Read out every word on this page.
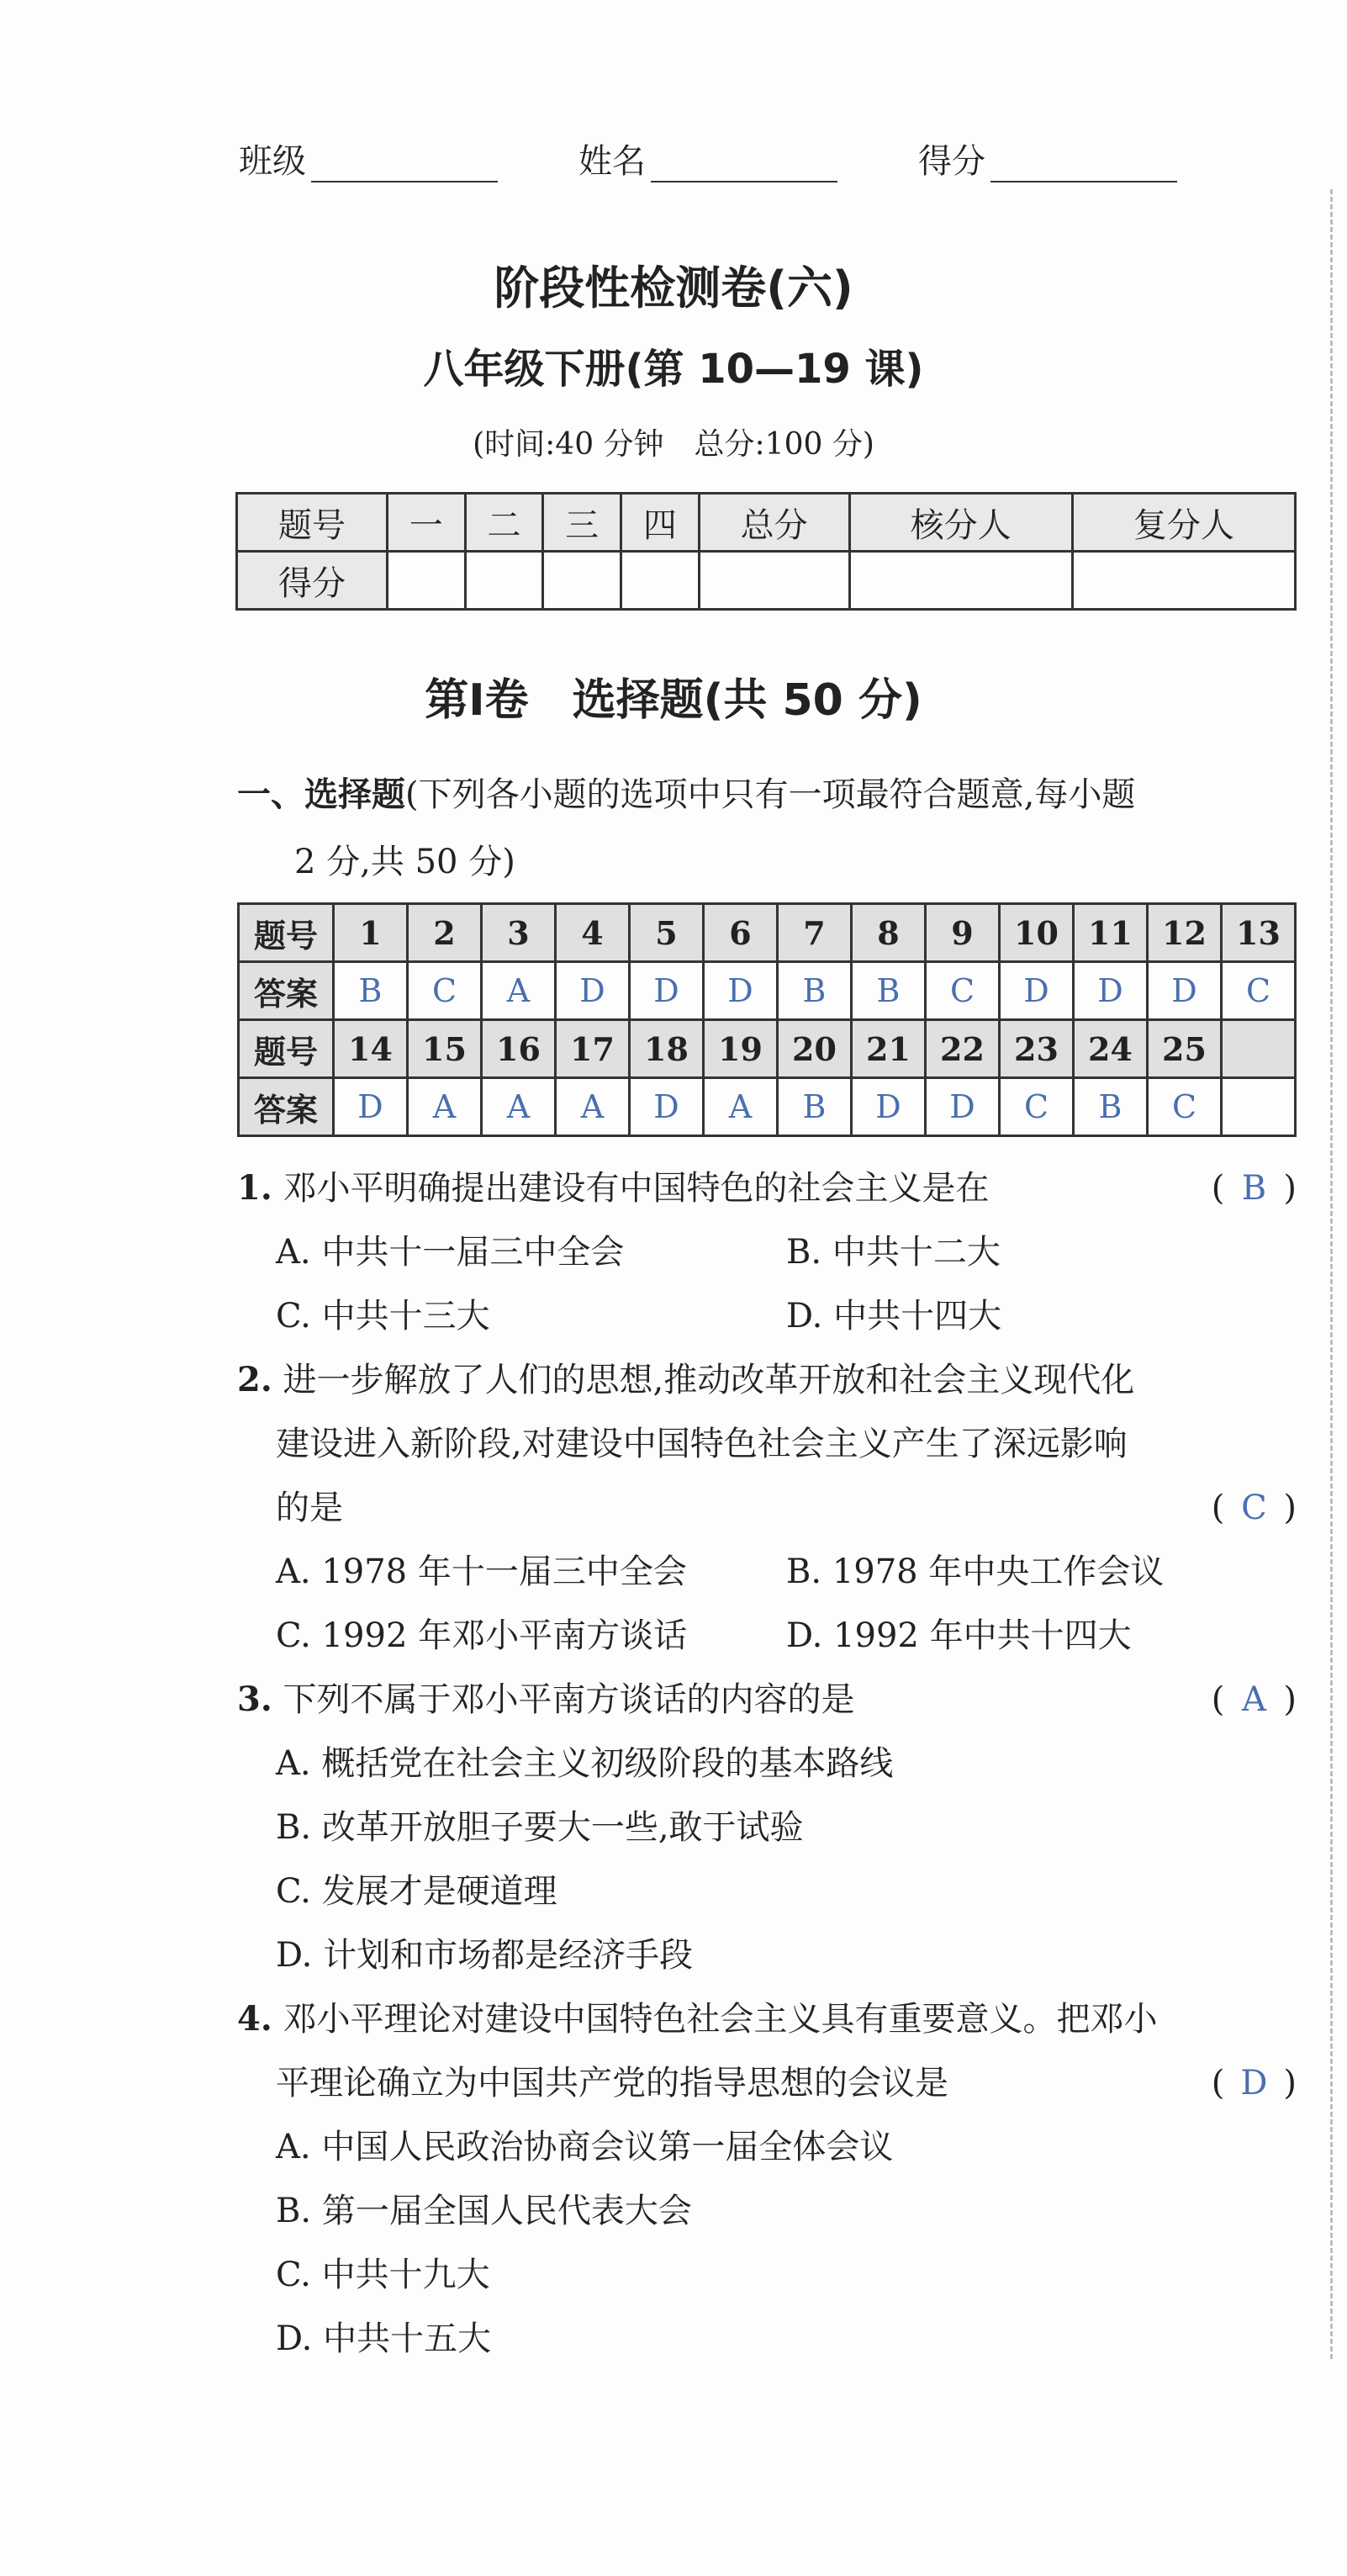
班级	姓名	得分
阶段性检测卷(六)
八年级下册(第 10—19 课)
(时间:40 分钟　总分:100 分)
题号	一	二	三	四	总分	核分人	复分人
得分							
第Ⅰ卷　选择题(共 50 分)
一、选择题(下列各小题的选项中只有一项最符合题意,每小题
2 分,共 50 分)
题号	1	2	3	4	5	6	7	8	9	10	11	12	13
答案	B	C	A	D	D	D	B	B	C	D	D	D	C
题号	14	15	16	17	18	19	20	21	22	23	24	25	
答案	D	A	A	A	D	A	B	D	D	C	B	C	
1. 邓小平明确提出建设有中国特色的社会主义是在	( B )
A. 中共十一届三中全会	B. 中共十二大
C. 中共十三大	D. 中共十四大
2. 进一步解放了人们的思想,推动改革开放和社会主义现代化
建设进入新阶段,对建设中国特色社会主义产生了深远影响
的是	( C )
A. 1978 年十一届三中全会	B. 1978 年中央工作会议
C. 1992 年邓小平南方谈话	D. 1992 年中共十四大
3. 下列不属于邓小平南方谈话的内容的是	( A )
A. 概括党在社会主义初级阶段的基本路线
B. 改革开放胆子要大一些,敢于试验
C. 发展才是硬道理
D. 计划和市场都是经济手段
4. 邓小平理论对建设中国特色社会主义具有重要意义。把邓小
平理论确立为中国共产党的指导思想的会议是	( D )
A. 中国人民政治协商会议第一届全体会议
B. 第一届全国人民代表大会
C. 中共十九大
D. 中共十五大
